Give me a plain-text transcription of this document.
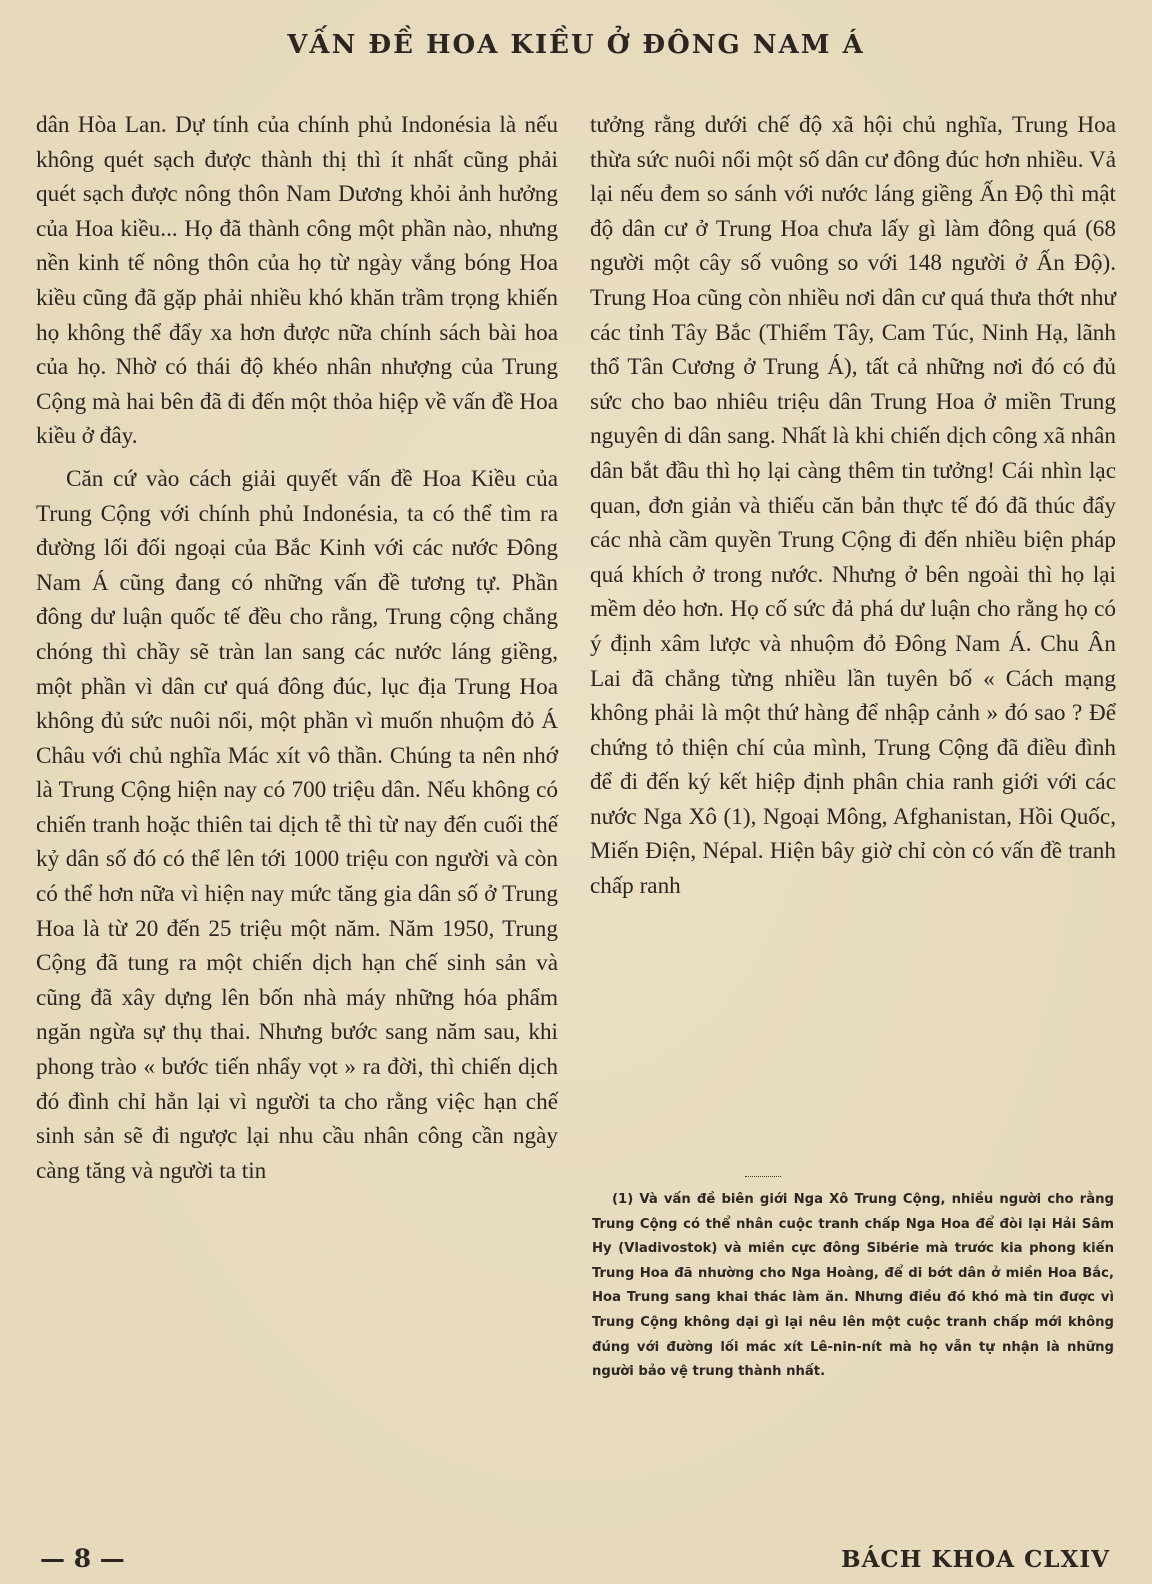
VẤN ĐỀ HOA KIỀU Ở ĐÔNG NAM Á

dân Hòa Lan. Dự tính của chính phủ Indonésia là nếu không quét sạch được thành thị thì ít nhất cũng phải quét sạch được nông thôn Nam Dương khỏi ảnh hưởng của Hoa kiều... Họ đã thành công một phần nào, nhưng nền kinh tế nông thôn của họ từ ngày vắng bóng Hoa kiều cũng đã gặp phải nhiều khó khăn trầm trọng khiến họ không thể đẩy xa hơn được nữa chính sách bài hoa của họ. Nhờ có thái độ khéo nhân nhượng của Trung Cộng mà hai bên đã đi đến một thỏa hiệp về vấn đề Hoa kiều ở đây.

Căn cứ vào cách giải quyết vấn đề Hoa Kiều của Trung Cộng với chính phủ Indonésia, ta có thể tìm ra đường lối đối ngoại của Bắc Kinh với các nước Đông Nam Á cũng đang có những vấn đề tương tự. Phần đông dư luận quốc tế đều cho rằng, Trung cộng chẳng chóng thì chầy sẽ tràn lan sang các nước láng giềng, một phần vì dân cư quá đông đúc, lục địa Trung Hoa không đủ sức nuôi nổi, một phần vì muốn nhuộm đỏ Á Châu với chủ nghĩa Mác xít vô thần. Chúng ta nên nhớ là Trung Cộng hiện nay có 700 triệu dân. Nếu không có chiến tranh hoặc thiên tai dịch tễ thì từ nay đến cuối thế kỷ dân số đó có thể lên tới 1000 triệu con người và còn có thể hơn nữa vì hiện nay mức tăng gia dân số ở Trung Hoa là từ 20 đến 25 triệu một năm. Năm 1950, Trung Cộng đã tung ra một chiến dịch hạn chế sinh sản và cũng đã xây dựng lên bốn nhà máy những hóa phẩm ngăn ngừa sự thụ thai. Nhưng bước sang năm sau, khi phong trào « bước tiến nhẩy vọt » ra đời, thì chiến dịch đó đình chỉ hẳn lại vì người ta cho rằng việc hạn chế sinh sản sẽ đi ngược lại nhu cầu nhân công cần ngày càng tăng và người ta tin

tưởng rằng dưới chế độ xã hội chủ nghĩa, Trung Hoa thừa sức nuôi nổi một số dân cư đông đúc hơn nhiều. Vả lại nếu đem so sánh với nước láng giềng Ấn Độ thì mật độ dân cư ở Trung Hoa chưa lấy gì làm đông quá (68 người một cây số vuông so với 148 người ở Ấn Độ). Trung Hoa cũng còn nhiều nơi dân cư quá thưa thớt như các tỉnh Tây Bắc (Thiểm Tây, Cam Túc, Ninh Hạ, lãnh thổ Tân Cương ở Trung Á), tất cả những nơi đó có đủ sức cho bao nhiêu triệu dân Trung Hoa ở miền Trung nguyên di dân sang. Nhất là khi chiến dịch công xã nhân dân bắt đầu thì họ lại càng thêm tin tưởng! Cái nhìn lạc quan, đơn giản và thiếu căn bản thực tế đó đã thúc đẩy các nhà cầm quyền Trung Cộng đi đến nhiều biện pháp quá khích ở trong nước. Nhưng ở bên ngoài thì họ lại mềm dẻo hơn. Họ cố sức đả phá dư luận cho rằng họ có ý định xâm lược và nhuộm đỏ Đông Nam Á. Chu Ân Lai đã chẳng từng nhiều lần tuyên bố « Cách mạng không phải là một thứ hàng để nhập cảnh » đó sao ? Để chứng tỏ thiện chí của mình, Trung Cộng đã điều đình để đi đến ký kết hiệp định phân chia ranh giới với các nước Nga Xô (1), Ngoại Mông, Afghanistan, Hồi Quốc, Miến Điện, Népal. Hiện bây giờ chỉ còn có vấn đề tranh chấp ranh

(1) Và vấn đề biên giới Nga Xô Trung Cộng, nhiều người cho rằng Trung Cộng có thể nhân cuộc tranh chấp Nga Hoa để đòi lại Hải Sâm Hy (Vladivostok) và miền cực đông Sibérie mà trước kia phong kiến Trung Hoa đã nhường cho Nga Hoàng, để di bớt dân ở miền Hoa Bắc, Hoa Trung sang khai thác làm ăn. Nhưng điều đó khó mà tin được vì Trung Cộng không dại gì lại nêu lên một cuộc tranh chấp mới không đúng với đường lối mác xít Lê-nin-nít mà họ vẫn tự nhận là những người bảo vệ trung thành nhất.
— 8 —	BÁCH KHOA CLXIV
